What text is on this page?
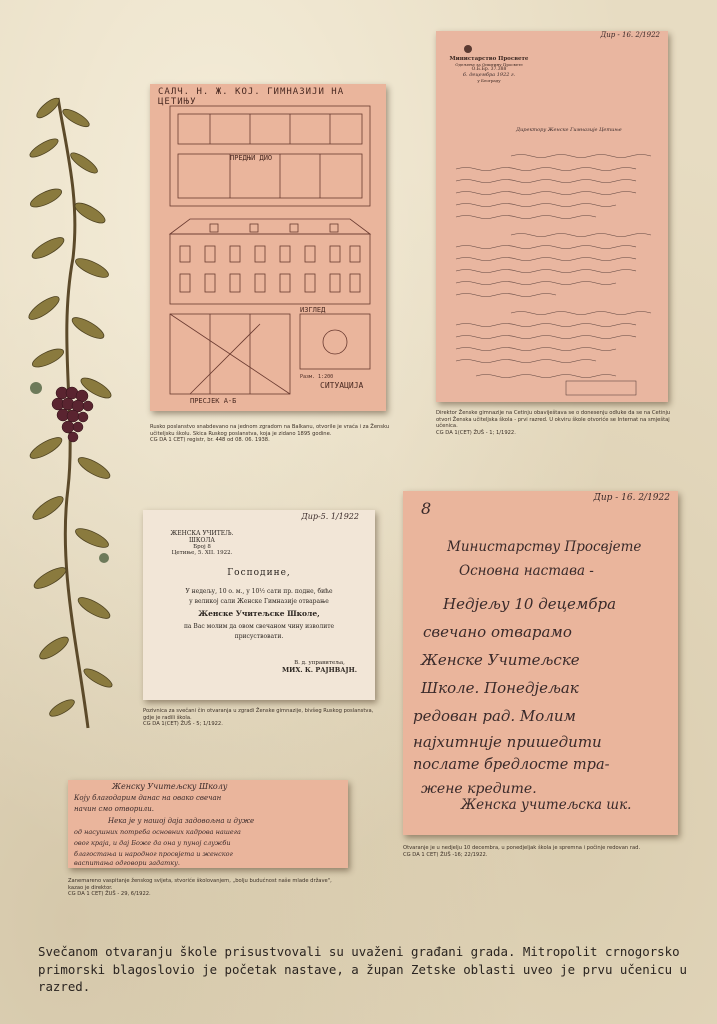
САЛЧ. Н. Ж. КОЈ. ГИМНАЗИЈИ НА ЦЕТИЊУ
ПРЕДЊИ ДИО
ИЗГЛЕД
Разм. 1:200
СИТУАЦИЈА
ПРЕСЈЕК А-Б
Rusko poslanstvo snabdevano na jednom zgradom na Balkanu, otvorile je vraća i za Žensku učiteljsku školu. Skica Ruskog poslanstva, koja je zidano 1895 godine.
CG DA 1 CET) registr, br. 448 od 08. 06. 1938.
Дир - 16. 2/1922
Министарство Просвете
Одељење за Општину Просвете
О.Б.Бр. 37.388
6. децембра 1922 г.
у Београду
Директору Женске Гимназије Цетиње
Direktor Ženske gimnazije na Cetinju obaviještava se o donesenju odluke da se na Cetinju otvori Ženska učiteljska škola - prvi razred. U okviru škole otvoriće se Internat na smještaj učenica.
CG DA 1(CET) ŽUŠ - 1; 1/1922.
Дир-5. 1/1922
ЖЕНСКА УЧИТЕЉ. ШКОЛА
Број 8
Цетиње, 5. XII. 1922.
Господине,
У недељу, 10 о. м., у 10½ сати пр. подне, биће
у великој сали Женске Гимназије отварање
Женске Учитељске Школе,
па Вас молим да овом свечаном чину изволите
присуствовати.
В. д. управитеља,
МИХ. К. РАЈНВАЈН.
Pozivnica za svečani čin otvaranja u zgradi Ženske gimnazije, bivšeg Ruskog poslanstva, gdje je radili škola.
CG DA 1(CET) ŽUŠ - 5; 1/1922.
Дир - 16. 2/1922
8
Министарству Просвјете
Основна настава -
Недјељу 10 децембра
свечано отварамо
Женске Учитељске
Школе. Понедјељак
редован рад. Молим
најхитније пришедити
послате бредлосте тра-
жене кредите.
Женска учитељска шк.
Otvaranje je u nedjelju 10 decembra, u ponedjeljak škola je spremna i počinje redovan rad.
CG DA 1 CET) ŽUŠ -16; 22/1922.
Женску Учитељску Школу
Коју благодарим данас на овако свечан
начин смо отворили.
Нека је у нашој даја задовољна и дуже
од насушних потреба основних кадрова нашега
овог краја, и дај Боже да она у пуној служби
благостања и народног просвјета и женског
васпитања одговори задатку.
Zanemareno vaspitanje ženskog svijeta, stvoriće školovanjem, „bolju budućnost naše mlade države", kazao je direktor.
CG DA 1 CET) ŽUŠ - 29, 6/1922.
Svečanom otvaranju škole prisustvovali su uvaženi građani grada. Mitropolit crnogorsko primorski blagoslovio je početak nastave, a župan Zetske oblasti uveo je prvu učenicu u razred.
